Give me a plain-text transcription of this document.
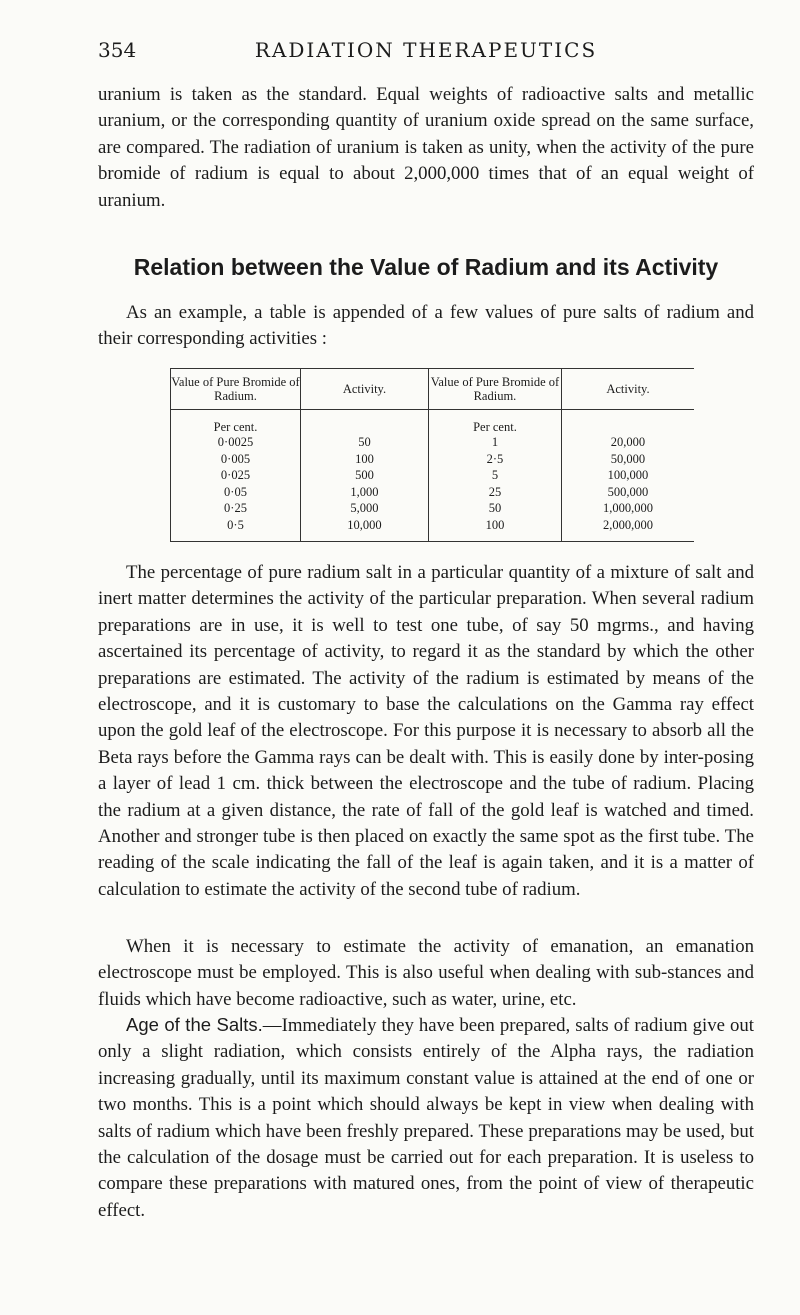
354	RADIATION THERAPEUTICS

uranium is taken as the standard. Equal weights of radioactive salts and metallic uranium, or the corresponding quantity of uranium oxide spread on the same surface, are compared. The radiation of uranium is taken as unity, when the activity of the pure bromide of radium is equal to about 2,000,000 times that of an equal weight of uranium.

Relation between the Value of Radium and its Activity

As an example, a table is appended of a few values of pure salts of radium and their corresponding activities :

Value of Pure Bromide of Radium.	Activity.	Value of Pure Bromide of Radium.	Activity.
Per cent.		Per cent.	
0·0025	50	1	20,000
0·005	100	2·5	50,000
0·025	500	5	100,000
0·05	1,000	25	500,000
0·25	5,000	50	1,000,000
0·5	10,000	100	2,000,000

The percentage of pure radium salt in a particular quantity of a mixture of salt and inert matter determines the activity of the particular preparation. When several radium preparations are in use, it is well to test one tube, of say 50 mgrms., and having ascertained its percentage of activity, to regard it as the standard by which the other preparations are estimated. The activity of the radium is estimated by means of the electroscope, and it is customary to base the calculations on the Gamma ray effect upon the gold leaf of the electroscope. For this purpose it is necessary to absorb all the Beta rays before the Gamma rays can be dealt with. This is easily done by inter-posing a layer of lead 1 cm. thick between the electroscope and the tube of radium. Placing the radium at a given distance, the rate of fall of the gold leaf is watched and timed. Another and stronger tube is then placed on exactly the same spot as the first tube. The reading of the scale indicating the fall of the leaf is again taken, and it is a matter of calculation to estimate the activity of the second tube of radium.

When it is necessary to estimate the activity of emanation, an emanation electroscope must be employed. This is also useful when dealing with sub-stances and fluids which have become radioactive, such as water, urine, etc.

Age of the Salts.—Immediately they have been prepared, salts of radium give out only a slight radiation, which consists entirely of the Alpha rays, the radiation increasing gradually, until its maximum constant value is attained at the end of one or two months. This is a point which should always be kept in view when dealing with salts of radium which have been freshly prepared. These preparations may be used, but the calculation of the dosage must be carried out for each preparation. It is useless to compare these preparations with matured ones, from the point of view of therapeutic effect.
